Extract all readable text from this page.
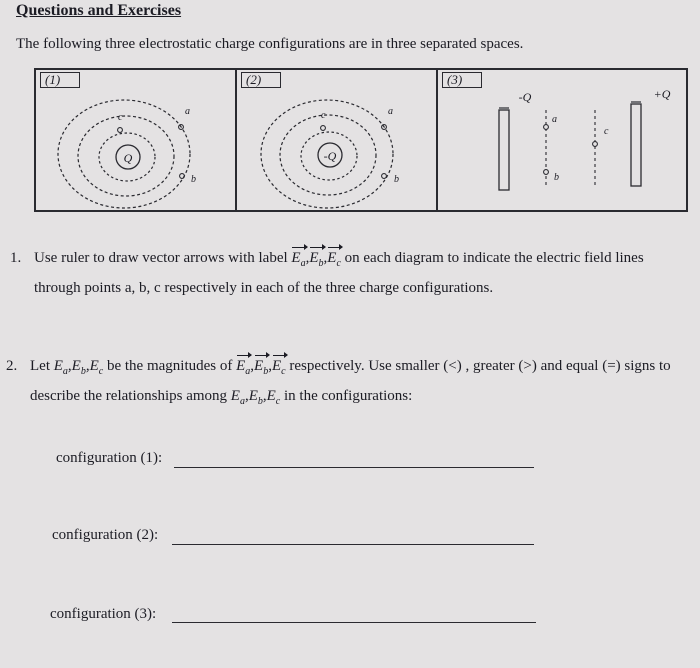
Questions and Exercises
The following three electrostatic charge configurations are in three separated spaces.
Q
a
b
c
(1)
-Q
a
b
c
(2)
-Q	+Q
a
b
c
(3)
1. Use ruler to draw vector arrows with label $E_a,E_b,E_c$ on each diagram to indicate the electric field lines through points a, b, c respectively in each of the three charge configurations.
2. Let $E_a,E_b,E_c$ be the magnitudes of $E_a,E_b,E_c$ respectively. Use smaller (<) , greater (>) and equal (=) signs to describe the relationships among $E_a,E_b,E_c$ in the configurations:
configuration (1):
configuration (2):
configuration (3):
